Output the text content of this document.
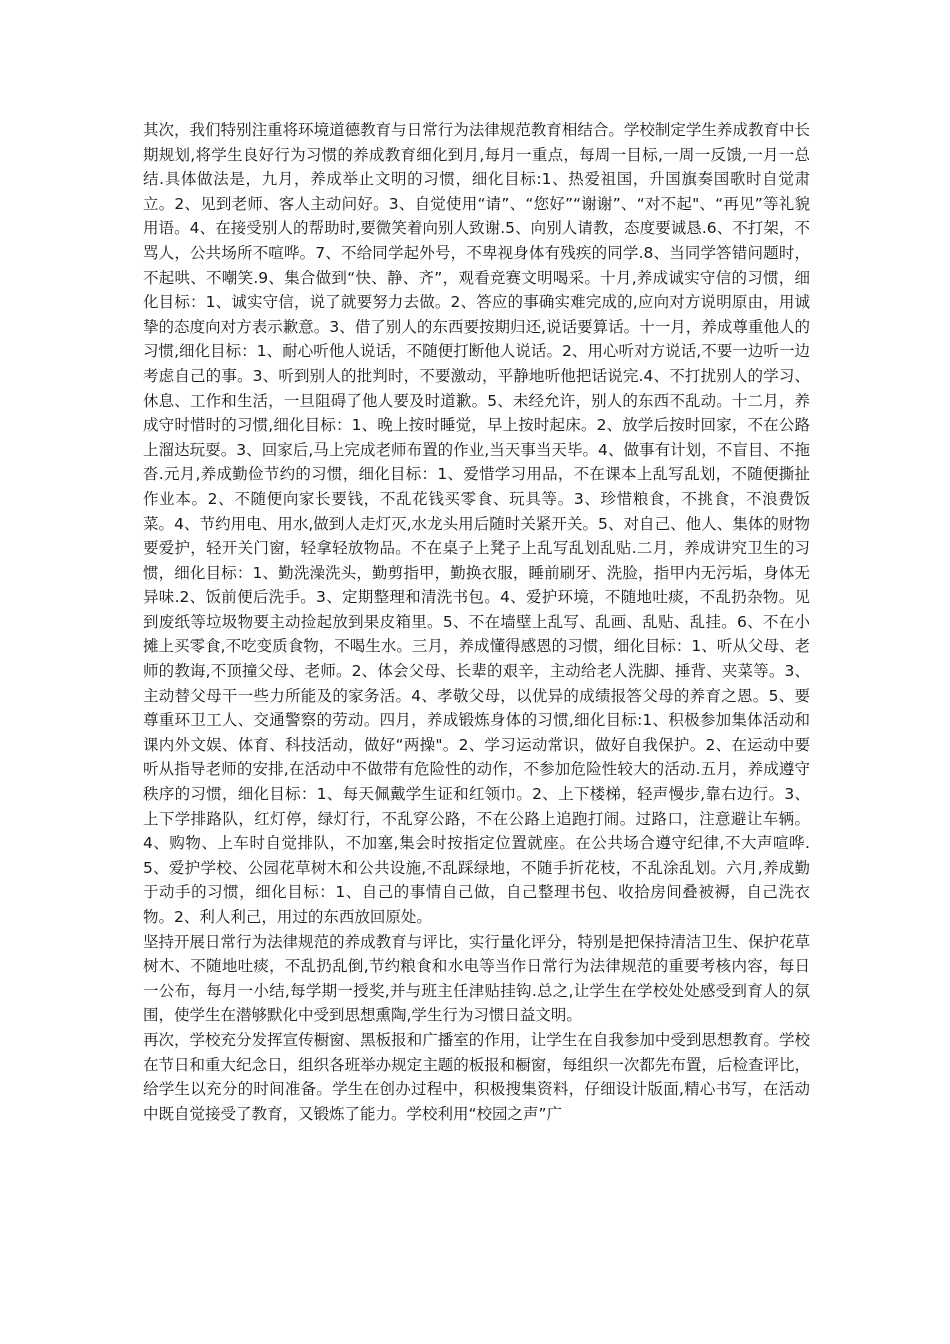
其次，我们特别注重将环境道德教育与日常行为法律规范教育相结合。学校制定学生养成教育中长期规划,将学生良好行为习惯的养成教育细化到月,每月一重点，每周一目标,一周一反馈,一月一总结.具体做法是，九月，养成举止文明的习惯，细化目标:1、热爱祖国，升国旗奏国歌时自觉肃立。2、见到老师、客人主动问好。3、自觉使用“请”、“您好”“谢谢”、“对不起"、“再见”等礼貌用语。4、在接受别人的帮助时,要微笑着向别人致谢.5、向别人请教，态度要诚恳.6、不打架，不骂人，公共场所不喧哗。7、不给同学起外号，不卑视身体有残疾的同学.8、当同学答错问题时，不起哄、不嘲笑.9、集合做到“快、静、齐”，观看竞赛文明喝采。十月,养成诚实守信的习惯，细化目标：1、诚实守信，说了就要努力去做。2、答应的事确实难完成的,应向对方说明原由，用诚挚的态度向对方表示歉意。3、借了别人的东西要按期归还,说话要算话。十一月，养成尊重他人的习惯,细化目标：1、耐心听他人说话，不随便打断他人说话。2、用心听对方说话,不要一边听一边考虑自己的事。3、听到别人的批判时，不要激动，平静地听他把话说完.4、不打扰别人的学习、休息、工作和生活，一旦阻碍了他人要及时道歉。5、未经允许，别人的东西不乱动。十二月，养成守时惜时的习惯,细化目标：1、晚上按时睡觉，早上按时起床。2、放学后按时回家，不在公路上溜达玩耍。3、回家后,马上完成老师布置的作业,当天事当天毕。4、做事有计划，不盲目、不拖沓.元月,养成勤俭节约的习惯，细化目标：1、爱惜学习用品，不在课本上乱写乱划，不随便撕扯作业本。2、不随便向家长要钱，不乱花钱买零食、玩具等。3、珍惜粮食，不挑食，不浪费饭菜。4、节约用电、用水,做到人走灯灭,水龙头用后随时关紧开关。5、对自己、他人、集体的财物要爱护，轻开关门窗，轻拿轻放物品。不在桌子上凳子上乱写乱划乱贴.二月，养成讲究卫生的习惯，细化目标：1、勤洗澡洗头，勤剪指甲，勤换衣服，睡前刷牙、洗脸，指甲内无污垢，身体无异味.2、饭前便后洗手。3、定期整理和清洗书包。4、爱护环境，不随地吐痰，不乱扔杂物。见到废纸等垃圾物要主动捡起放到果皮箱里。5、不在墙壁上乱写、乱画、乱贴、乱挂。6、不在小摊上买零食,不吃变质食物，不喝生水。三月，养成懂得感恩的习惯，细化目标：1、听从父母、老师的教诲,不顶撞父母、老师。2、体会父母、长辈的艰辛，主动给老人洗脚、捶背、夹菜等。3、主动替父母干一些力所能及的家务活。4、孝敬父母，以优异的成绩报答父母的养育之恩。5、要尊重环卫工人、交通警察的劳动。四月，养成锻炼身体的习惯,细化目标:1、积极参加集体活动和课内外文娱、体育、科技活动，做好“两操"。2、学习运动常识，做好自我保护。2、在运动中要听从指导老师的安排,在活动中不做带有危险性的动作，不参加危险性较大的活动.五月，养成遵守秩序的习惯，细化目标：1、每天佩戴学生证和红领巾。2、上下楼梯，轻声慢步,靠右边行。3、上下学排路队，红灯停，绿灯行，不乱穿公路，不在公路上追跑打闹。过路口，注意避让车辆。4、购物、上车时自觉排队，不加塞,集会时按指定位置就座。在公共场合遵守纪律,不大声喧哗.5、爱护学校、公园花草树木和公共设施,不乱踩绿地，不随手折花枝，不乱涂乱划。六月,养成勤于动手的习惯，细化目标：1、自己的事情自己做，自己整理书包、收拾房间叠被褥，自己洗衣物。2、利人利己，用过的东西放回原处。

坚持开展日常行为法律规范的养成教育与评比，实行量化评分，特别是把保持清洁卫生、保护花草树木、不随地吐痰，不乱扔乱倒,节约粮食和水电等当作日常行为法律规范的重要考核内容，每日一公布，每月一小结,每学期一授奖,并与班主任津贴挂钩.总之,让学生在学校处处感受到育人的氛围，使学生在潜够默化中受到思想熏陶,学生行为习惯日益文明。

再次，学校充分发挥宣传橱窗、黑板报和广播室的作用，让学生在自我参加中受到思想教育。学校在节日和重大纪念日，组织各班举办规定主题的板报和橱窗，每组织一次都先布置，后检查评比，给学生以充分的时间准备。学生在创办过程中，积极搜集资料，仔细设计版面,精心书写，在活动中既自觉接受了教育，又锻炼了能力。学校利用“校园之声”广
